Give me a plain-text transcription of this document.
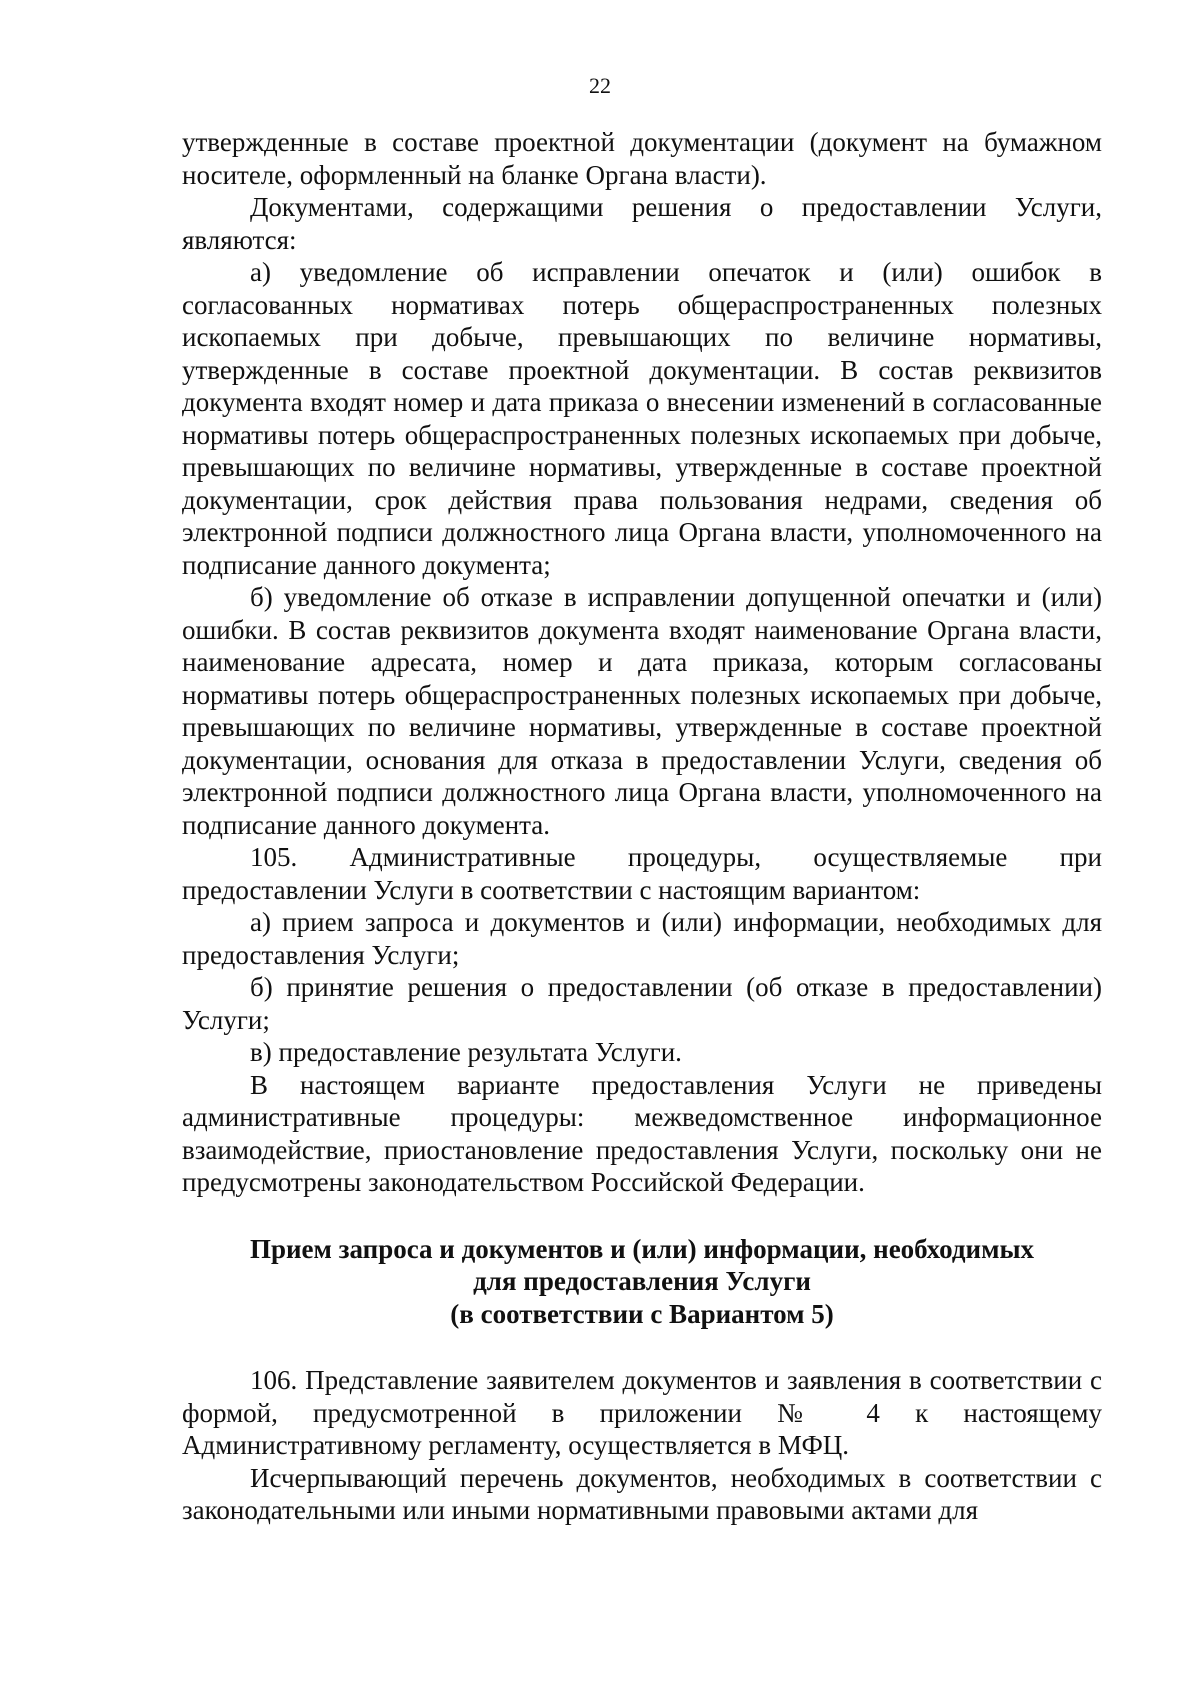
22

утвержденные в составе проектной документации (документ на бумажном носителе, оформленный на бланке Органа власти).

Документами, содержащими решения о предоставлении Услуги, являются:

а) уведомление об исправлении опечаток и (или) ошибок в согласованных нормативах потерь общераспространенных полезных ископаемых при добыче, превышающих по величине нормативы, утвержденные в составе проектной документации. В состав реквизитов документа входят номер и дата приказа о внесении изменений в согласованные нормативы потерь общераспространенных полезных ископаемых при добыче, превышающих по величине нормативы, утвержденные в составе проектной документации, срок действия права пользования недрами, сведения об электронной подписи должностного лица Органа власти, уполномоченного на подписание данного документа;

б) уведомление об отказе в исправлении допущенной опечатки и (или) ошибки. В состав реквизитов документа входят наименование Органа власти, наименование адресата, номер и дата приказа, которым согласованы нормативы потерь общераспространенных полезных ископаемых при добыче, превышающих по величине нормативы, утвержденные в составе проектной документации, основания для отказа в предоставлении Услуги, сведения об электронной подписи должностного лица Органа власти, уполномоченного на подписание данного документа.

105. Административные процедуры, осуществляемые при предоставлении Услуги в соответствии с настоящим вариантом:

а) прием запроса и документов и (или) информации, необходимых для предоставления Услуги;

б) принятие решения о предоставлении (об отказе в предоставлении) Услуги;

в) предоставление результата Услуги.

В настоящем варианте предоставления Услуги не приведены административные процедуры: межведомственное информационное взаимодействие, приостановление предоставления Услуги, поскольку они не предусмотрены законодательством Российской Федерации.

Прием запроса и документов и (или) информации, необходимых
для предоставления Услуги
(в соответствии с Вариантом 5)

106. Представление заявителем документов и заявления в соответствии с формой, предусмотренной в приложении № 4 к настоящему Административному регламенту, осуществляется в МФЦ.

Исчерпывающий перечень документов, необходимых в соответствии с законодательными или иными нормативными правовыми актами для
